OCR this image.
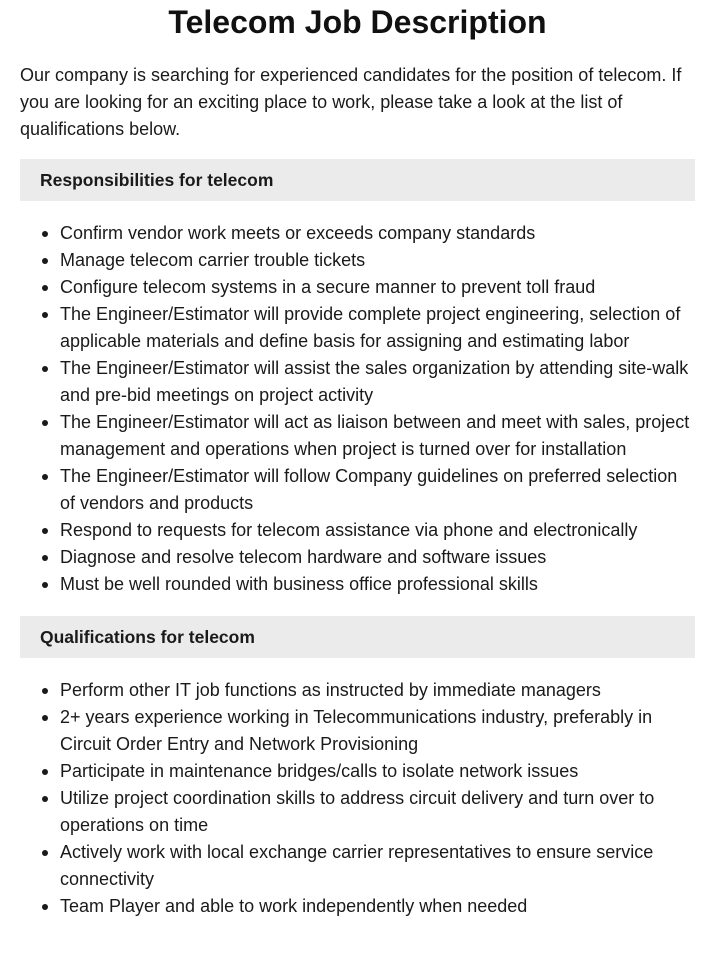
Telecom Job Description

Our company is searching for experienced candidates for the position of telecom. If you are looking for an exciting place to work, please take a look at the list of qualifications below.

Responsibilities for telecom
Confirm vendor work meets or exceeds company standards
Manage telecom carrier trouble tickets
Configure telecom systems in a secure manner to prevent toll fraud
The Engineer/Estimator will provide complete project engineering, selection of applicable materials and define basis for assigning and estimating labor
The Engineer/Estimator will assist the sales organization by attending site-walk and pre-bid meetings on project activity
The Engineer/Estimator will act as liaison between and meet with sales, project management and operations when project is turned over for installation
The Engineer/Estimator will follow Company guidelines on preferred selection of vendors and products
Respond to requests for telecom assistance via phone and electronically
Diagnose and resolve telecom hardware and software issues
Must be well rounded with business office professional skills
Qualifications for telecom
Perform other IT job functions as instructed by immediate managers
2+ years experience working in Telecommunications industry, preferably in Circuit Order Entry and Network Provisioning
Participate in maintenance bridges/calls to isolate network issues
Utilize project coordination skills to address circuit delivery and turn over to operations on time
Actively work with local exchange carrier representatives to ensure service connectivity
Team Player and able to work independently when needed
